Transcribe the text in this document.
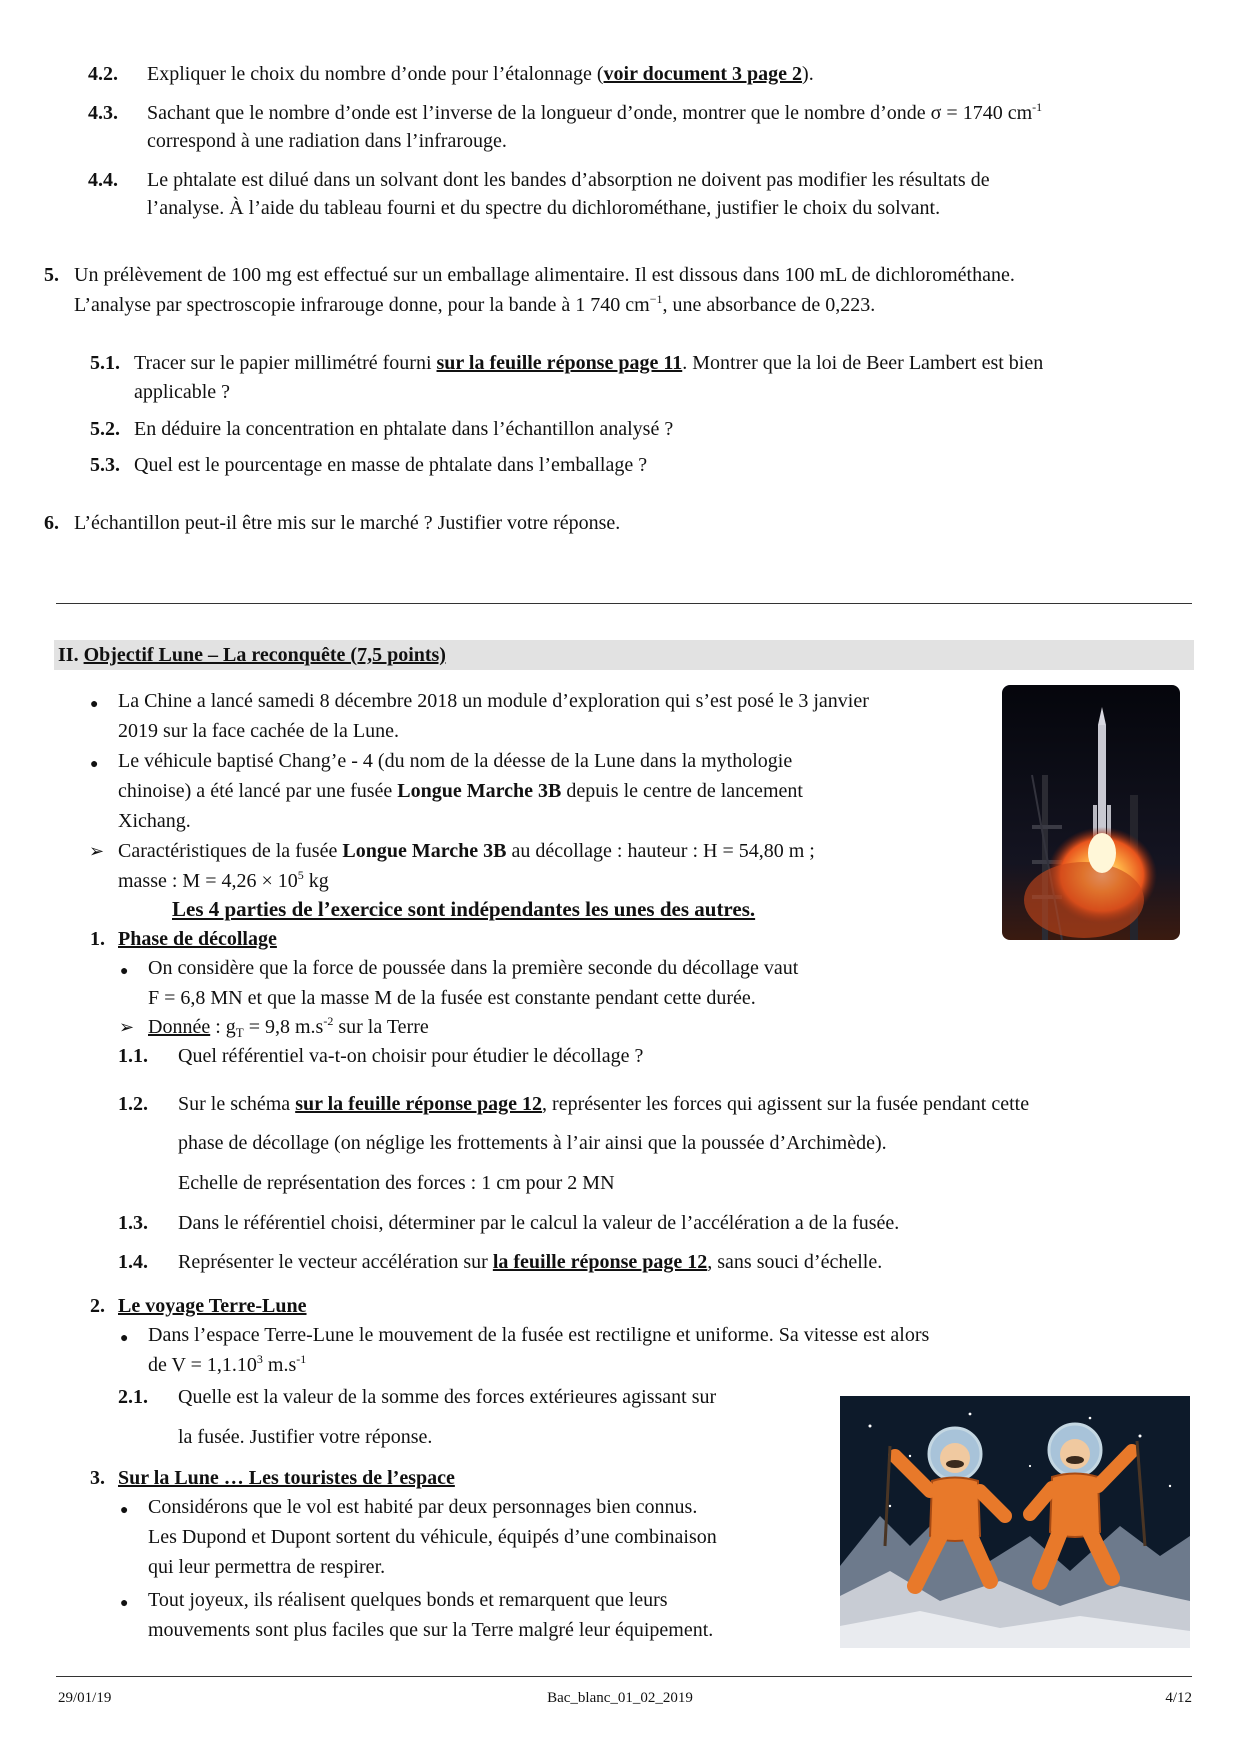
4.2. Expliquer le choix du nombre d’onde pour l’étalonnage (voir document 3 page 2).
4.3. Sachant que le nombre d’onde est l’inverse de la longueur d’onde, montrer que le nombre d’onde σ = 1740 $cm^{-1}$
correspond à une radiation dans l’infrarouge.
4.4. Le phtalate est dilué dans un solvant dont les bandes d’absorption ne doivent pas modifier les résultats de
l’analyse. À l’aide du tableau fourni et du spectre du dichlorométhane, justifier le choix du solvant.
5. Un prélèvement de 100 mg est effectué sur un emballage alimentaire. Il est dissous dans 100 mL de dichlorométhane.
L’analyse par spectroscopie infrarouge donne, pour la bande à 1 740 $cm^{-1}$, une absorbance de 0,223.
5.1. Tracer sur le papier millimétré fourni sur la feuille réponse page 11. Montrer que la loi de Beer Lambert est bien
applicable ?
5.2. En déduire la concentration en phtalate dans l’échantillon analysé ?
5.3. Quel est le pourcentage en masse de phtalate dans l’emballage ?
6. L’échantillon peut-il être mis sur le marché ? Justifier votre réponse.
II. Objectif Lune – La reconquête (7,5 points)
● La Chine a lancé samedi 8 décembre 2018 un module d’exploration qui s’est posé le 3 janvier
2019 sur la face cachée de la Lune.
● Le véhicule baptisé Chang’e - 4 (du nom de la déesse de la Lune dans la mythologie
chinoise) a été lancé par une fusée Longue Marche 3B depuis le centre de lancement
Xichang.
➢ Caractéristiques de la fusée Longue Marche 3B au décollage : hauteur : H = 54,80 m ;
masse : $M = 4,26 \times 10^5$ kg
Les 4 parties de l’exercice sont indépendantes les unes des autres.
1. Phase de décollage
● On considère que la force de poussée dans la première seconde du décollage vaut
F = 6,8 MN et que la masse M de la fusée est constante pendant cette durée.
➢ Donnée : $g_T = 9,8$ $m.s^{-2}$ sur la Terre
1.1. Quel référentiel va-t-on choisir pour étudier le décollage ?
1.2. Sur le schéma sur la feuille réponse page 12, représenter les forces qui agissent sur la fusée pendant cette
phase de décollage (on néglige les frottements à l’air ainsi que la poussée d’Archimède).
Echelle de représentation des forces : 1 cm pour 2 MN
1.3. Dans le référentiel choisi, déterminer par le calcul la valeur de l’accélération a de la fusée.
1.4. Représenter le vecteur accélération sur la feuille réponse page 12, sans souci d’échelle.
2. Le voyage Terre-Lune
● Dans l’espace Terre-Lune le mouvement de la fusée est rectiligne et uniforme. Sa vitesse est alors
de $V = 1,1.10^3$ $m.s^{-1}$
2.1. Quelle est la valeur de la somme des forces extérieures agissant sur
la fusée. Justifier votre réponse.
3. Sur la Lune … Les touristes de l’espace
● Considérons que le vol est habité par deux personnages bien connus.
Les Dupond et Dupont sortent du véhicule, équipés d’une combinaison
qui leur permettra de respirer.
● Tout joyeux, ils réalisent quelques bonds et remarquent que leurs
mouvements sont plus faciles que sur la Terre malgré leur équipement.
29/01/19	Bac_blanc_01_02_2019	4/12
